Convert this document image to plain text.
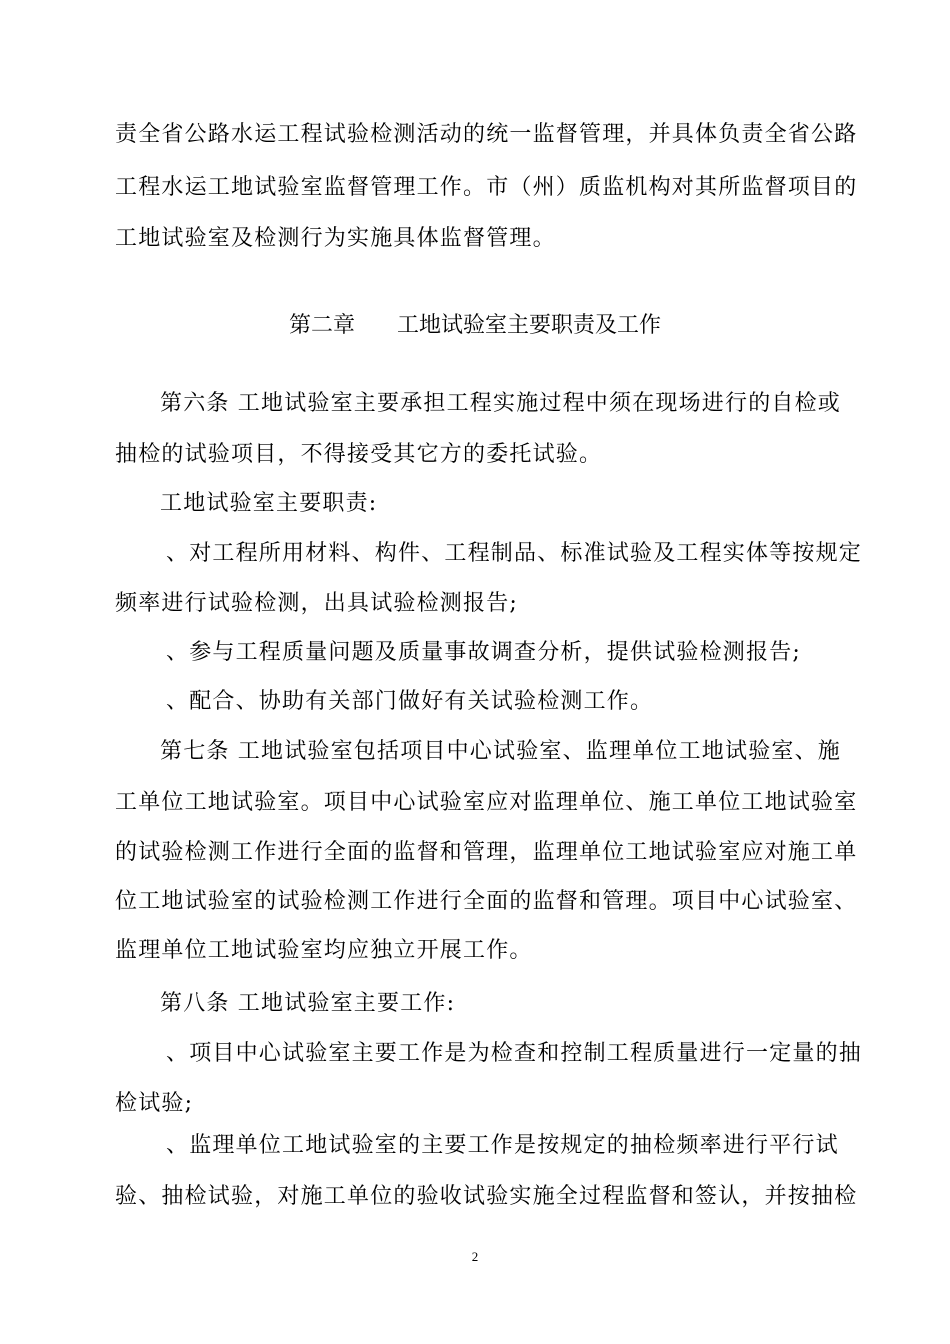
责全省公路水运工程试验检测活动的统一监督管理，并具体负责全省公路
工程水运工地试验室监督管理工作。市（州）质监机构对其所监督项目的
工地试验室及检测行为实施具体监督管理。
第二章      工地试验室主要职责及工作
第六条 工地试验室主要承担工程实施过程中须在现场进行的自检或
抽检的试验项目，不得接受其它方的委托试验。
工地试验室主要职责:
、对工程所用材料、构件、工程制品、标准试验及工程实体等按规定
频率进行试验检测，出具试验检测报告;
、参与工程质量问题及质量事故调查分析，提供试验检测报告;
、配合、协助有关部门做好有关试验检测工作。
第七条 工地试验室包括项目中心试验室、监理单位工地试验室、施
工单位工地试验室。项目中心试验室应对监理单位、施工单位工地试验室
的试验检测工作进行全面的监督和管理，监理单位工地试验室应对施工单
位工地试验室的试验检测工作进行全面的监督和管理。项目中心试验室、
监理单位工地试验室均应独立开展工作。
第八条 工地试验室主要工作:
、项目中心试验室主要工作是为检查和控制工程质量进行一定量的抽
检试验;
、监理单位工地试验室的主要工作是按规定的抽检频率进行平行试
验、抽检试验，对施工单位的验收试验实施全过程监督和签认，并按抽检
2
